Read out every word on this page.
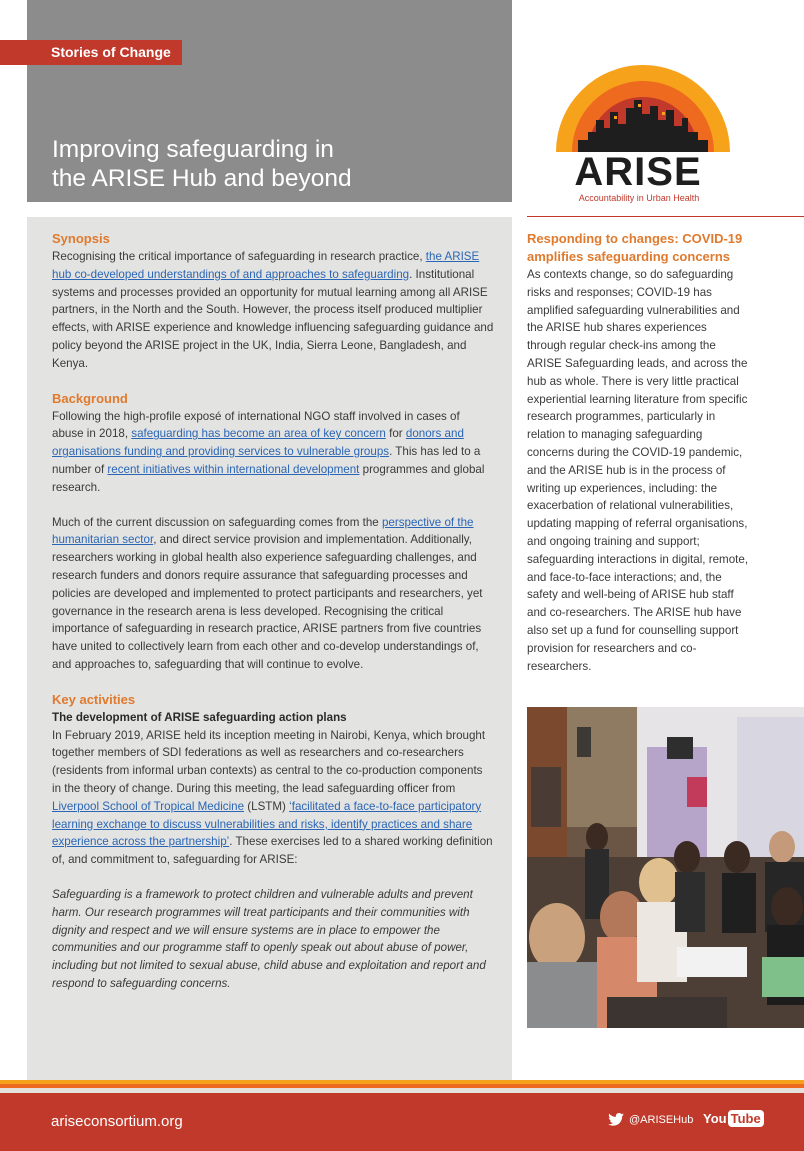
Stories of Change
Improving safeguarding in
the ARISE Hub and beyond	ARISE
Accountability in Urban Health
Synopsis

Recognising the critical importance of safeguarding in research practice, the ARISE hub co-developed understandings of and approaches to safeguarding. Institutional systems and processes provided an opportunity for mutual learning among all ARISE partners, in the North and the South. However, the process itself produced multiplier effects, with ARISE experience and knowledge influencing safeguarding guidance and policy beyond the ARISE project in the UK, India, Sierra Leone, Bangladesh, and Kenya.

Background

Following the high-profile exposé of international NGO staff involved in cases of abuse in 2018, safeguarding has become an area of key concern for donors and organisations funding and providing services to vulnerable groups. This has led to a number of recent initiatives within international development programmes and global research.

Much of the current discussion on safeguarding comes from the perspective of the humanitarian sector, and direct service provision and implementation. Additionally, researchers working in global health also experience safeguarding challenges, and research funders and donors require assurance that safeguarding processes and policies are developed and implemented to protect participants and researchers, yet governance in the research arena is less developed. Recognising the critical importance of safeguarding in research practice, ARISE partners from five countries have united to collectively learn from each other and co-develop understandings of, and approaches to, safeguarding that will continue to evolve.

Key activities
The development of ARISE safeguarding action plans

In February 2019, ARISE held its inception meeting in Nairobi, Kenya, which brought together members of SDI federations as well as researchers and co-researchers (residents from informal urban contexts) as central to the co-production components in the theory of change. During this meeting, the lead safeguarding officer from Liverpool School of Tropical Medicine (LSTM) ‘facilitated a face-to-face participatory learning exchange to discuss vulnerabilities and risks, identify practices and share experience across the partnership’. These exercises led to a shared working definition of, and commitment to, safeguarding for ARISE:

Safeguarding is a framework to protect children and vulnerable adults and prevent harm. Our research programmes will treat participants and their communities with dignity and respect and we will ensure systems are in place to empower the communities and our programme staff to openly speak out about abuse of power, including but not limited to sexual abuse, child abuse and exploitation and report and respond to safeguarding concerns.

Responding to changes: COVID-19 amplifies safeguarding concerns

As contexts change, so do safeguarding risks and responses; COVID-19 has amplified safeguarding vulnerabilities and the ARISE hub shares experiences through regular check-ins among the ARISE Safeguarding leads, and across the hub as whole. There is very little practical experiential learning literature from specific research programmes, particularly in relation to managing safeguarding concerns during the COVID-19 pandemic, and the ARISE hub is in the process of writing up experiences, including: the exacerbation of relational vulnerabilities, updating mapping of referral organisations, and ongoing training and support; safeguarding interactions in digital, remote, and face-to-face interactions; and, the safety and well-being of ARISE hub staff and co-researchers. The ARISE hub have also set up a fund for counselling support provision for researchers and co-researchers.

ariseconsortium.org	@ARISEHub You Tube
